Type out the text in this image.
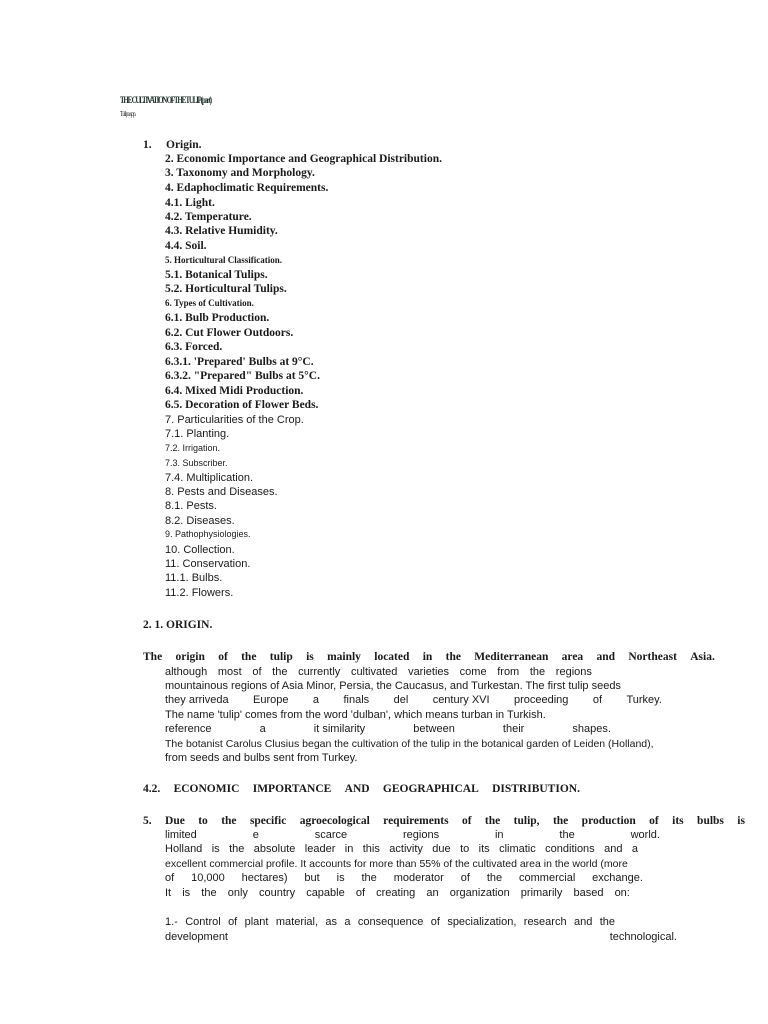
THE CULTIVATION OF THE TULIP (part)
Tulipa spp.
1. Origin.
2. Economic Importance and Geographical Distribution.
3. Taxonomy and Morphology.
4. Edaphoclimatic Requirements.
4.1. Light.
4.2. Temperature.
4.3. Relative Humidity.
4.4. Soil.
5. Horticultural Classification.
5.1. Botanical Tulips.
5.2. Horticultural Tulips.
6. Types of Cultivation.
6.1. Bulb Production.
6.2. Cut Flower Outdoors.
6.3. Forced.
6.3.1. 'Prepared' Bulbs at 9°C.
6.3.2. "Prepared" Bulbs at 5°C.
6.4. Mixed Midi Production.
6.5. Decoration of Flower Beds.
7. Particularities of the Crop.
7.1. Planting.
7.2. Irrigation.
7.3. Subscriber.
7.4. Multiplication.
8. Pests and Diseases.
8.1. Pests.
8.2. Diseases.
9. Pathophysiologies.
10. Collection.
11. Conservation.
11.1. Bulbs.
11.2. Flowers.
2. 1. ORIGIN.
The origin of the tulip is mainly located in the Mediterranean area and Northeast Asia.
although most of the currently cultivated varieties come from the regions
mountainous regions of Asia Minor, Persia, the Caucasus, and Turkestan. The first tulip seeds
they arriveda Europe a finals del century XVI proceeding of Turkey.
The name 'tulip' comes from the word 'dulban', which means turban in Turkish.
reference	a	it similarity	between	their	shapes.
The botanist Carolus Clusius began the cultivation of the tulip in the botanical garden of Leiden (Holland),
from seeds and bulbs sent from Turkey.
4.2. ECONOMIC IMPORTANCE AND GEOGRAPHICAL DISTRIBUTION.
5. Due to the specific agroecological requirements of the tulip, the production of its bulbs is
limited	e	scarce	regions	in	the	world.
Holland is the absolute leader in this activity due to its climatic conditions and a
excellent commercial profile. It accounts for more than 55% of the cultivated area in the world (more
of 10,000 hectares) but is the moderator of the commercial exchange.
It is the only country capable of creating an organization primarily based on:
1.- Control of plant material, as a consequence of specialization, research and the
development	technological.
